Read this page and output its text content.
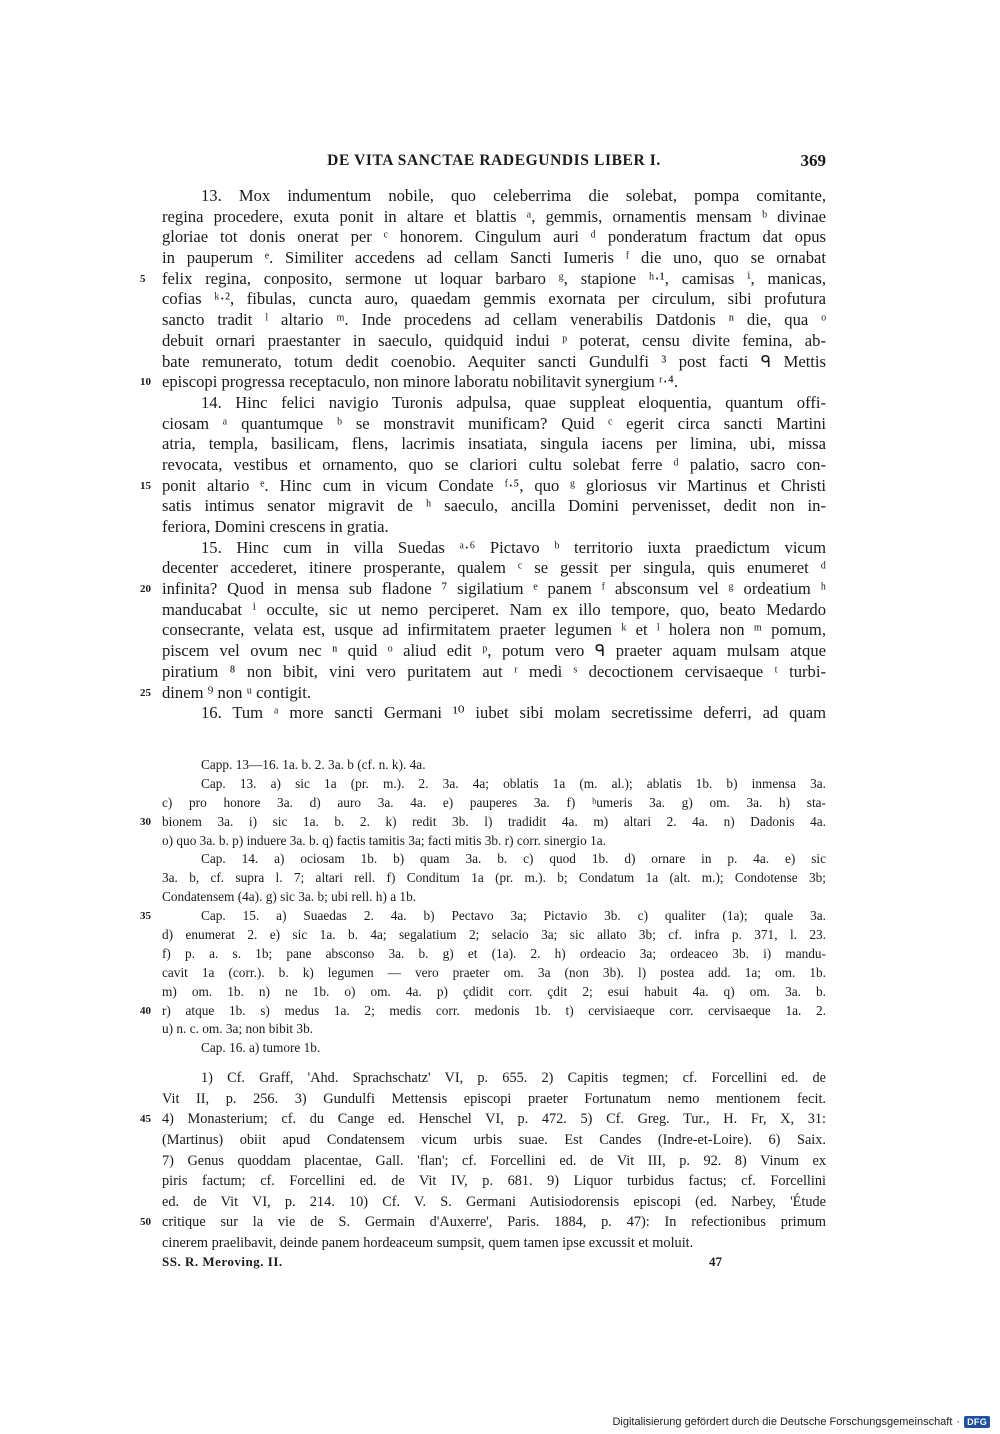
DE VITA SANCTAE RADEGUNDIS LIBER I.	369
13. Mox indumentum nobile, quo celeberrima die solebat, pompa comitante,
regina procedere, exuta ponit in altare et blattis ᵃ, gemmis, ornamentis mensam ᵇ divinae
gloriae tot donis onerat per ᶜ honorem. Cingulum auri ᵈ ponderatum fractum dat opus
in pauperum ᵉ. Similiter accedens ad cellam Sancti Iumeris ᶠ die uno, quo se ornabat
5 felix regina, conposito, sermone ut loquar barbaro ᵍ, stapione ʰ·¹, camisas ⁱ, manicas,
cofias ᵏ·², fibulas, cuncta auro, quaedam gemmis exornata per circulum, sibi profutura
sancto tradit ˡ altario ᵐ. Inde procedens ad cellam venerabilis Datdonis ⁿ die, qua ᵒ
debuit ornari praestanter in saeculo, quidquid indui ᵖ poterat, censu divite femina, ab-
bate remunerato, totum dedit coenobio. Aequiter sancti Gundulfi ³ post facti ᑫ Mettis
10 episcopi progressa receptaculo, non minore laboratu nobilitavit synergium ʳ·⁴.
14. Hinc felici navigio Turonis adpulsa, quae suppleat eloquentia, quantum offi-
ciosam ᵃ quantumque ᵇ se monstravit munificam? Quid ᶜ egerit circa sancti Martini
atria, templa, basilicam, flens, lacrimis insatiata, singula iacens per limina, ubi, missa
revocata, vestibus et ornamento, quo se clariori cultu solebat ferre ᵈ palatio, sacro con-
15 ponit altario ᵉ. Hinc cum in vicum Condate ᶠ·⁵, quo ᵍ gloriosus vir Martinus et Christi
satis intimus senator migravit de ʰ saeculo, ancilla Domini pervenisset, dedit non in-
feriora, Domini crescens in gratia.
15. Hinc cum in villa Suedas ᵃ·⁶ Pictavo ᵇ territorio iuxta praedictum vicum
decenter accederet, itinere prosperante, qualem ᶜ se gessit per singula, quis enumeret ᵈ
20 infinita? Quod in mensa sub fladone ⁷ sigilatium ᵉ panem ᶠ absconsum vel ᵍ ordeatium ʰ
manducabat ⁱ occulte, sic ut nemo perciperet. Nam ex illo tempore, quo, beato Medardo
consecrante, velata est, usque ad infirmitatem praeter legumen ᵏ et ˡ holera non ᵐ pomum,
piscem vel ovum nec ⁿ quid ᵒ aliud edit ᵖ, potum vero ᑫ praeter aquam mulsam atque
piratium ⁸ non bibit, vini vero puritatem aut ʳ medi ˢ decoctionem cervisaeque ᵗ turbi-
25 dinem ⁹ non ᵘ contigit.
16. Tum ᵃ more sancti Germani ¹⁰ iubet sibi molam secretissime deferri, ad quam
Capp. 13—16. 1a. b. 2. 3a. b (cf. n. k). 4a.
Cap. 13. a) sic 1a (pr. m.). 2. 3a. 4a; oblatis 1a (m. al.); ablatis 1b. b) inmensa 3a.
c) pro honore 3a. d) auro 3a. 4a. e) pauperes 3a. f) ʰumeris 3a. g) om. 3a. h) sta-
30 bionem 3a. i) sic 1a. b. 2. k) redit 3b. l) tradidit 4a. m) altari 2. 4a. n) Dadonis 4a.
o) quo 3a. b. p) induere 3a. b. q) factis tamitis 3a; facti mitis 3b. r) corr. sinergio 1a.
Cap. 14. a) ociosam 1b. b) quam 3a. b. c) quod 1b. d) ornare in p. 4a. e) sic
3a. b, cf. supra l. 7; altari rell. f) Conditum 1a (pr. m.). b; Condatum 1a (alt. m.); Condotense 3b;
Condatensem (4a). g) sic 3a. b; ubi rell. h) a 1b.
35	Cap. 15. a) Suaedas 2. 4a. b) Pectavo 3a; Pictavio 3b. c) qualiter (1a); quale 3a.
d) enumerat 2. e) sic 1a. b. 4a; segalatium 2; selacio 3a; sic allato 3b; cf. infra p. 371, l. 23.
f) p. a. s. 1b; pane absconso 3a. b. g) et (1a). 2. h) ordeacio 3a; ordeaceo 3b. i) mandu-
cavit 1a (corr.). b. k) legumen — vero praeter om. 3a (non 3b). l) postea add. 1a; om. 1b.
m) om. 1b. n) ne 1b. o) om. 4a. p) çdidit corr. çdit 2; esui habuit 4a. q) om. 3a. b.
40 r) atque 1b. s) medus 1a. 2; medis corr. medonis 1b. t) cervisiaeque corr. cervisaeque 1a. 2.
u) n. c. om. 3a; non bibit 3b.
Cap. 16. a) tumore 1b.
1) Cf. Graff, 'Ahd. Sprachschatz' VI, p. 655. 2) Capitis tegmen; cf. Forcellini ed. de
Vit II, p. 256. 3) Gundulfi Mettensis episcopi praeter Fortunatum nemo mentionem fecit.
45 4) Monasterium; cf. du Cange ed. Henschel VI, p. 472. 5) Cf. Greg. Tur., H. Fr, X, 31:
(Martinus) obiit apud Condatensem vicum urbis suae. Est Candes (Indre-et-Loire). 6) Saix.
7) Genus quoddam placentae, Gall. 'flan'; cf. Forcellini ed. de Vit III, p. 92. 8) Vinum ex
piris factum; cf. Forcellini ed. de Vit IV, p. 681. 9) Liquor turbidus factus; cf. Forcellini
ed. de Vit VI, p. 214. 10) Cf. V. S. Germani Autisiodorensis episcopi (ed. Narbey, 'Étude
50 critique sur la vie de S. Germain d'Auxerre', Paris. 1884, p. 47): In refectionibus primum
cinerem praelibavit, deinde panem hordeaceum sumpsit, quem tamen ipse excussit et moluit.
SS. R. Meroving. II.	47
Digitalisierung gefördert durch die Deutsche Forschungsgemeinschaft · DFG
